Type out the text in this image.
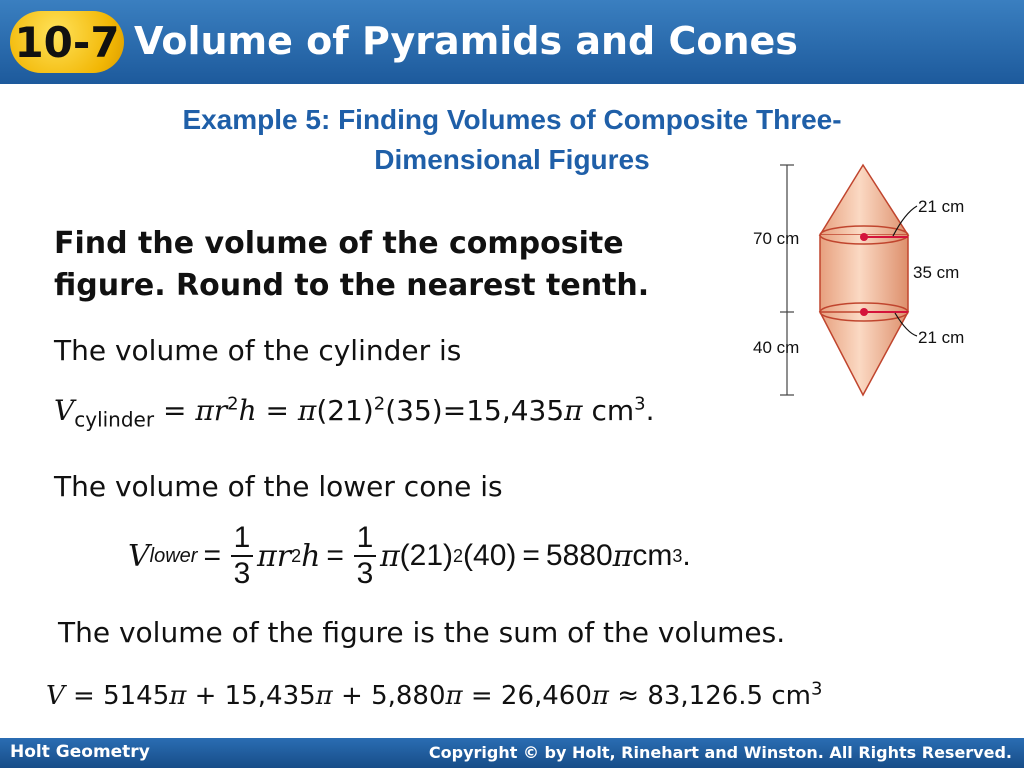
10-7 Volume of Pyramids and Cones
Example 5: Finding Volumes of Composite Three-
Dimensional Figures
Find the volume of the composite
figure. Round to the nearest tenth.
The volume of the cylinder is
$V_{cylinder} = \pi r^2h = \pi(21)^2(35)=15,435\pi$ $cm^3$.
The volume of the lower cone is
V lower = $\frac{1}{3}$ π r 2 $h = \frac{1}{3}$ π (21) 2 (40) = 5880 π cm 3 .
The volume of the figure is the sum of the volumes.
V = 5145π + 15,435π + 5,880π = 26,460π ≈ 83,126.5 $cm^3$
70 cm
40 cm
21 cm
35 cm
21 cm
Holt Geometry	Copyright © by Holt, Rinehart and Winston. All Rights Reserved.
